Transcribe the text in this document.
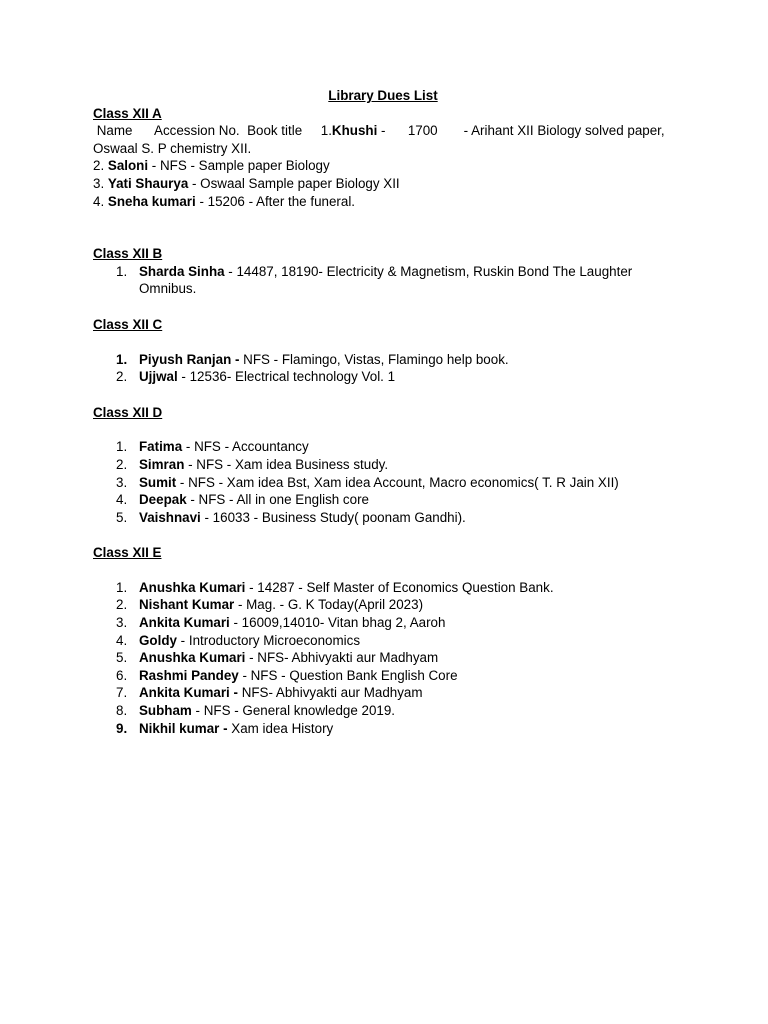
Library Dues List
Class XII A
Name      Accession No.  Book title     1.Khushi -      1700       - Arihant XII Biology solved paper, Oswaal S. P chemistry XII.
2. Saloni - NFS - Sample paper Biology
3. Yati Shaurya - Oswaal Sample paper Biology XII
4. Sneha kumari - 15206 - After the funeral.
Class XII B
1. Sharda Sinha - 14487, 18190- Electricity & Magnetism, Ruskin Bond The Laughter Omnibus.
Class XII C
1. Piyush Ranjan - NFS - Flamingo, Vistas, Flamingo help book.
2. Ujjwal - 12536- Electrical technology Vol. 1
Class XII D
1. Fatima - NFS - Accountancy
2. Simran - NFS - Xam idea Business study.
3. Sumit - NFS - Xam idea Bst, Xam idea Account, Macro economics( T. R Jain XII)
4. Deepak - NFS - All in one English core
5. Vaishnavi - 16033 - Business Study( poonam Gandhi).
Class XII E
1. Anushka Kumari - 14287 - Self Master of Economics Question Bank.
2. Nishant Kumar - Mag. - G. K Today(April 2023)
3. Ankita Kumari - 16009,14010- Vitan bhag 2, Aaroh
4. Goldy - Introductory Microeconomics
5. Anushka Kumari - NFS- Abhivyakti aur Madhyam
6. Rashmi Pandey - NFS - Question Bank English Core
7. Ankita Kumari - NFS- Abhivyakti aur Madhyam
8. Subham - NFS - General knowledge 2019.
9. Nikhil kumar - Xam idea History
